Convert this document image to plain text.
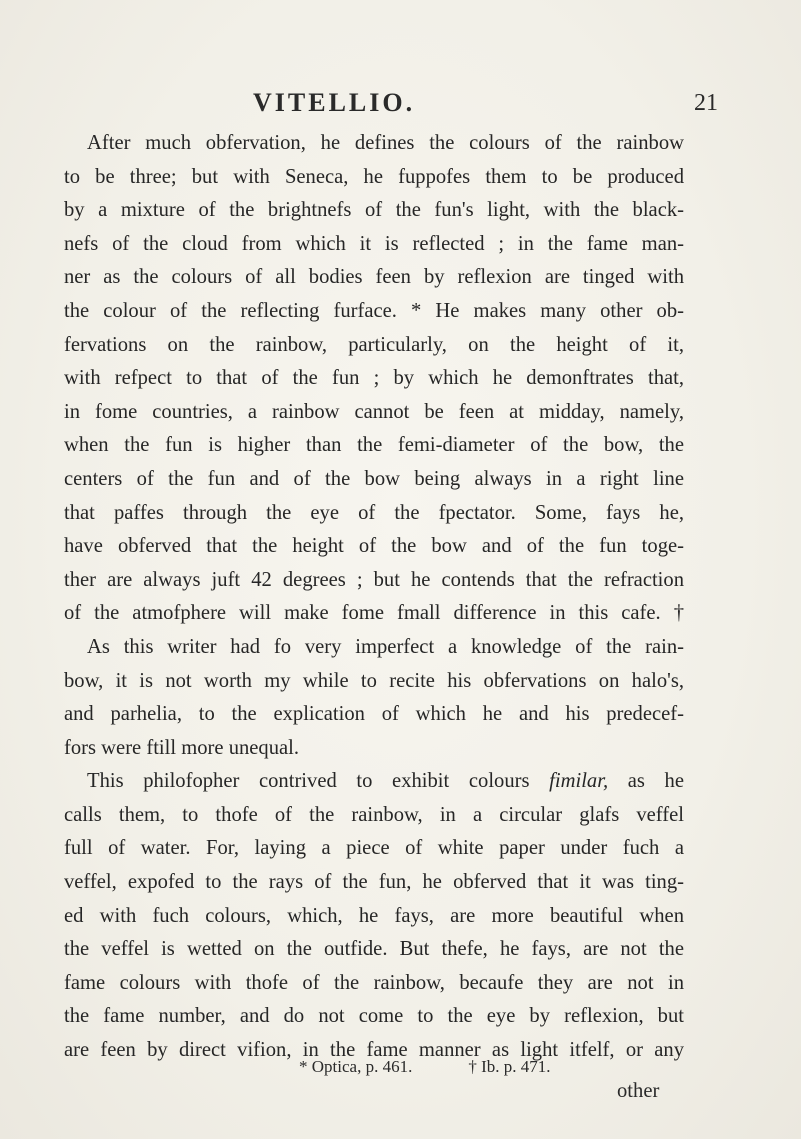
VITELLIO.	21
After much obfervation, he defines the colours of the rainbow
to be three; but with Seneca, he fuppofes them to be produced
by a mixture of the brightnefs of the fun's light, with the black-
nefs of the cloud from which it is reflected ; in the fame man-
ner as the colours of all bodies feen by reflexion are tinged with
the colour of the reflecting furface. * He makes many other ob-
fervations on the rainbow, particularly, on the height of it,
with refpect to that of the fun ; by which he demonftrates that,
in fome countries, a rainbow cannot be feen at midday, namely,
when the fun is higher than the femi-diameter of the bow, the
centers of the fun and of the bow being always in a right line
that paffes through the eye of the fpectator. Some, fays he,
have obferved that the height of the bow and of the fun toge-
ther are always juft 42 degrees ; but he contends that the refraction
of the atmofphere will make fome fmall difference in this cafe. †
As this writer had fo very imperfect a knowledge of the rain-
bow, it is not worth my while to recite his obfervations on halo's,
and parhelia, to the explication of which he and his predecef-
fors were ftill more unequal.
This philofopher contrived to exhibit colours fimilar, as he
calls them, to thofe of the rainbow, in a circular glafs veffel
full of water. For, laying a piece of white paper under fuch a
veffel, expofed to the rays of the fun, he obferved that it was ting-
ed with fuch colours, which, he fays, are more beautiful when
the veffel is wetted on the outfide. But thefe, he fays, are not the
fame colours with thofe of the rainbow, becaufe they are not in
the fame number, and do not come to the eye by reflexion, but
are feen by direct vifion, in the fame manner as light itfelf, or any
* Optica, p. 461.	† Ib. p. 471.
other
